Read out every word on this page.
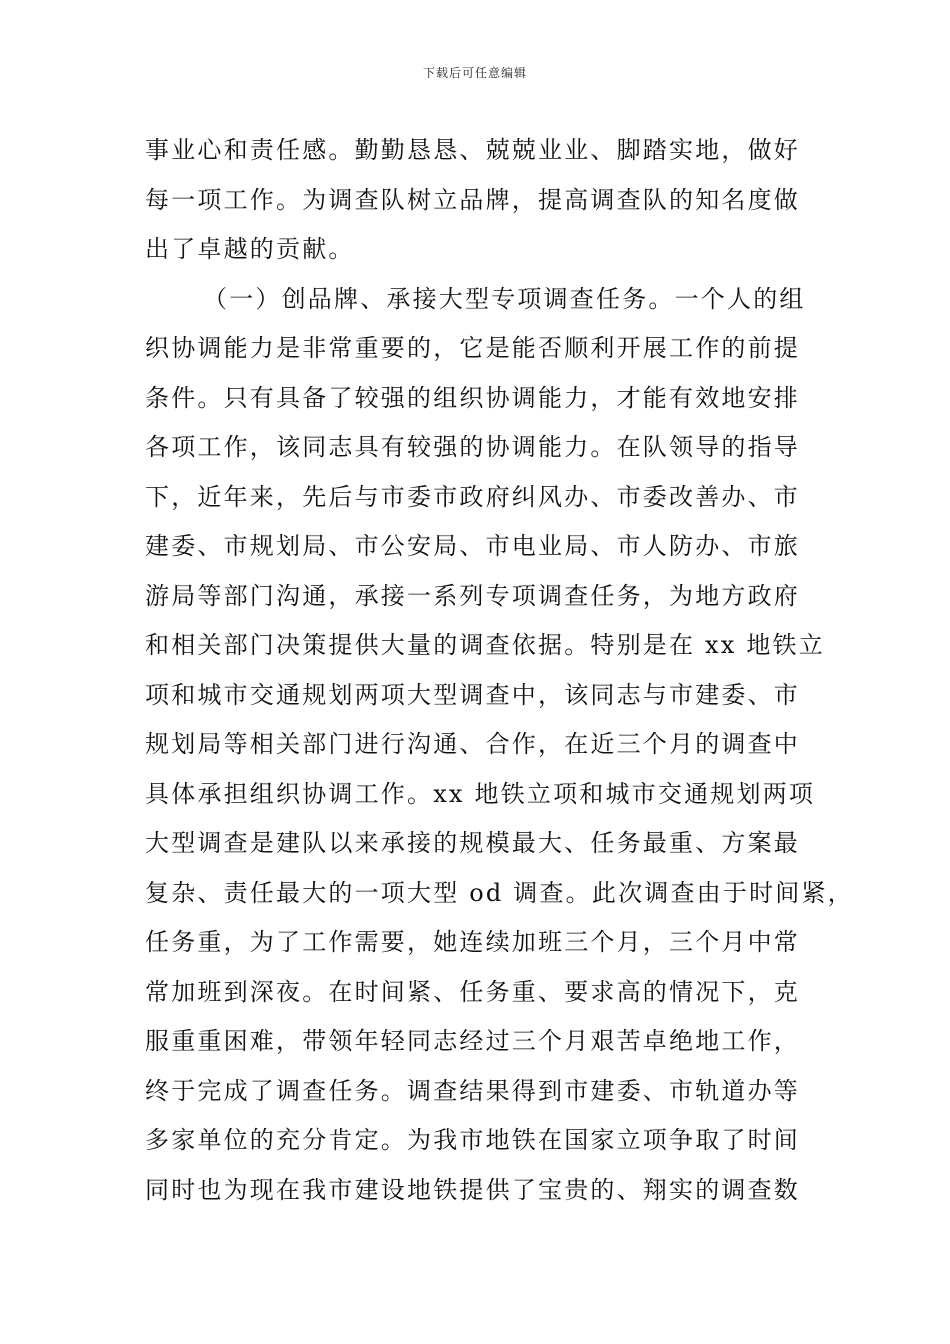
下载后可任意编辑
事业心和责任感。勤勤恳恳、兢兢业业、脚踏实地，做好
每一项工作。为调查队树立品牌，提高调查队的知名度做
出了卓越的贡献。
（一）创品牌、承接大型专项调查任务。一个人的组
织协调能力是非常重要的，它是能否顺利开展工作的前提
条件。只有具备了较强的组织协调能力，才能有效地安排
各项工作，该同志具有较强的协调能力。在队领导的指导
下，近年来，先后与市委市政府纠风办、市委改善办、市
建委、市规划局、市公安局、市电业局、市人防办、市旅
游局等部门沟通，承接一系列专项调查任务，为地方政府
和相关部门决策提供大量的调查依据。特别是在 xx 地铁立
项和城市交通规划两项大型调查中，该同志与市建委、市
规划局等相关部门进行沟通、合作，在近三个月的调查中
具体承担组织协调工作。xx 地铁立项和城市交通规划两项
大型调查是建队以来承接的规模最大、任务最重、方案最
复杂、责任最大的一项大型 od 调查。此次调查由于时间紧，
任务重，为了工作需要，她连续加班三个月，三个月中常
常加班到深夜。在时间紧、任务重、要求高的情况下，克
服重重困难，带领年轻同志经过三个月艰苦卓绝地工作，
终于完成了调查任务。调查结果得到市建委、市轨道办等
多家单位的充分肯定。为我市地铁在国家立项争取了时间
同时也为现在我市建设地铁提供了宝贵的、翔实的调查数
